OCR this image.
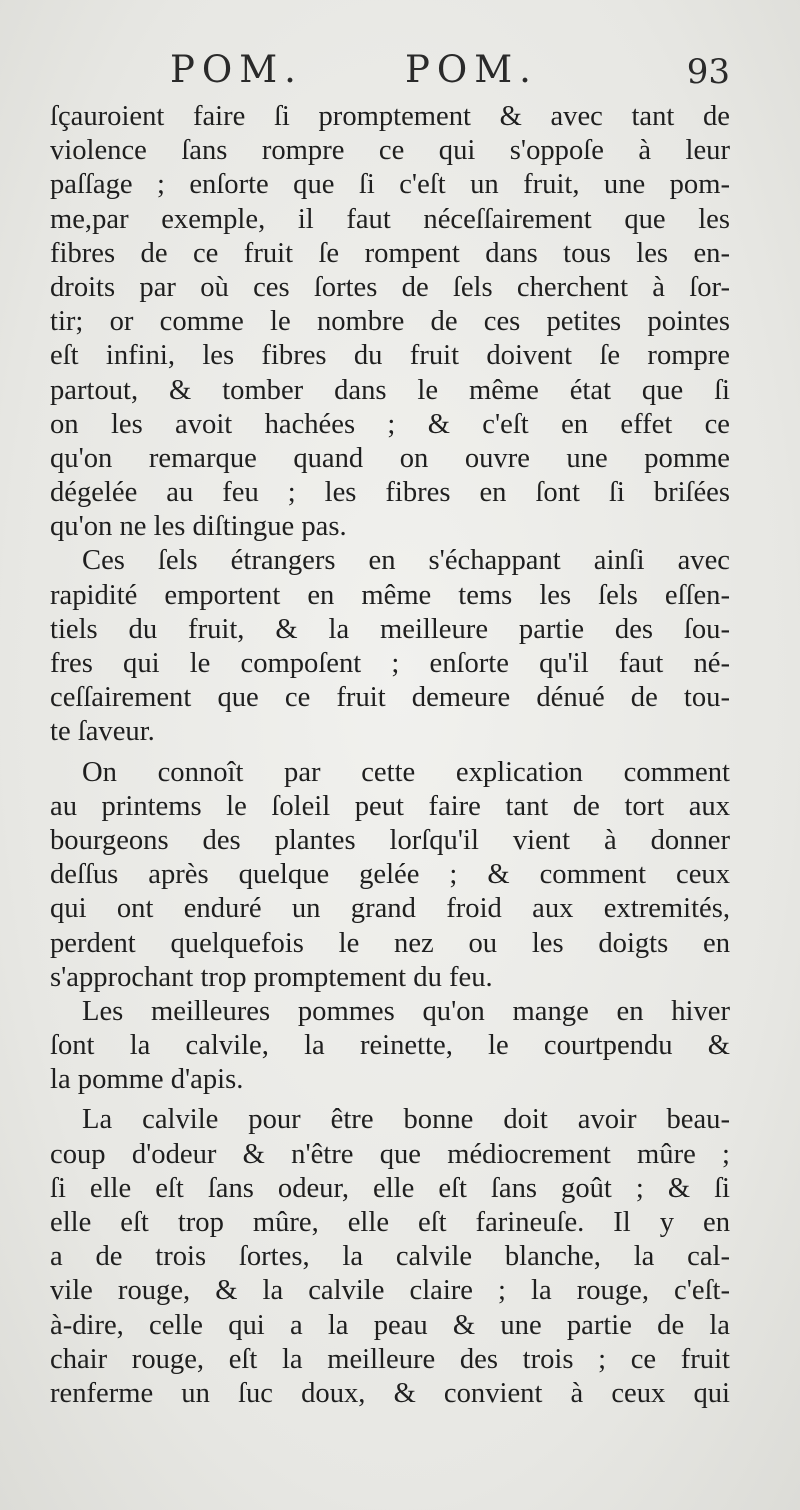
POM.	POM.	93
ſçauroient faire ſi promptement & avec tant de
violence ſans rompre ce qui s'oppoſe à leur
paſſage ; enſorte que ſi c'eſt un fruit, une pom-
me,par exemple, il faut néceſſairement que les
fibres de ce fruit ſe rompent dans tous les en-
droits par où ces ſortes de ſels cherchent à ſor-
tir; or comme le nombre de ces petites pointes
eſt infini, les fibres du fruit doivent ſe rompre
partout, & tomber dans le même état que ſi
on les avoit hachées ; & c'eſt en effet ce
qu'on remarque quand on ouvre une pomme
dégelée au feu ; les fibres en ſont ſi briſées
qu'on ne les diſtingue pas.
Ces ſels étrangers en s'échappant ainſi avec
rapidité emportent en même tems les ſels eſſen-
tiels du fruit, & la meilleure partie des ſou-
fres qui le compoſent ; enſorte qu'il faut né-
ceſſairement que ce fruit demeure dénué de tou-
te ſaveur.
On connoît par cette explication comment
au printems le ſoleil peut faire tant de tort aux
bourgeons des plantes lorſqu'il vient à donner
deſſus après quelque gelée ; & comment ceux
qui ont enduré un grand froid aux extremités,
perdent quelquefois le nez ou les doigts en
s'approchant trop promptement du feu.
Les meilleures pommes qu'on mange en hiver
ſont la calvile, la reinette, le courtpendu &
la pomme d'apis.
La calvile pour être bonne doit avoir beau-
coup d'odeur & n'être que médiocrement mûre ;
ſi elle eſt ſans odeur, elle eſt ſans goût ; & ſi
elle eſt trop mûre, elle eſt farineuſe. Il y en
a de trois ſortes, la calvile blanche, la cal-
vile rouge, & la calvile claire ; la rouge, c'eſt-
à-dire, celle qui a la peau & une partie de la
chair rouge, eſt la meilleure des trois ; ce fruit
renferme un ſuc doux, & convient à ceux qui
